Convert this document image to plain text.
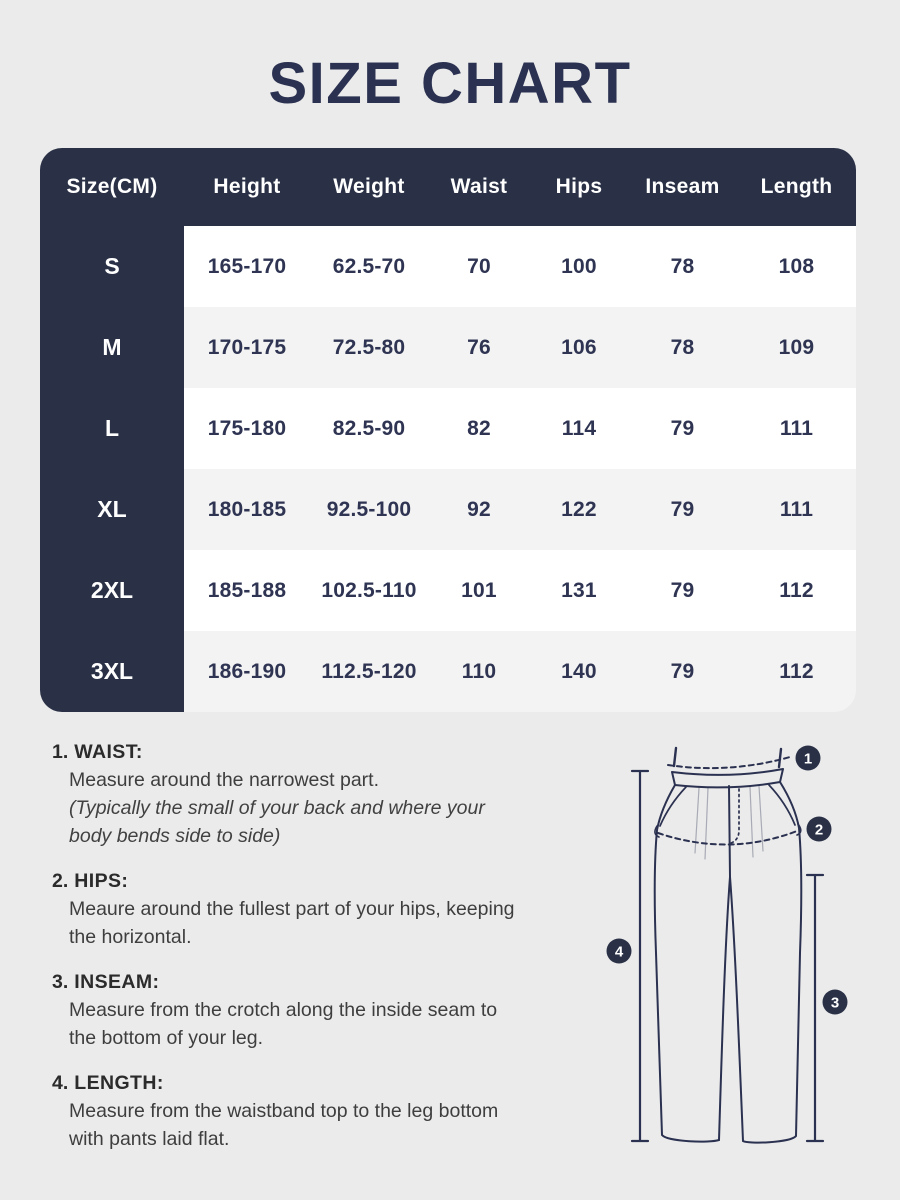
SIZE CHART
Size(CM)	Height	Weight	Waist	Hips	Inseam	Length
S	165-170	62.5-70	70	100	78	108
M	170-175	72.5-80	76	106	78	109
L	175-180	82.5-90	82	114	79	111
XL	180-185	92.5-100	92	122	79	111
2XL	185-188	102.5-110	101	131	79	112
3XL	186-190	112.5-120	110	140	79	112
1. WAIST:
Measure around the narrowest part.
(Typically the small of your back and where your
body bends side to side)
2. HIPS:
Meaure around the fullest part of your hips, keeping
the horizontal.
3. INSEAM:
Measure from the crotch along the inside seam to
the bottom of your leg.
4. LENGTH:
Measure from the waistband top to the leg bottom
with pants laid flat.
1
2
3
4
